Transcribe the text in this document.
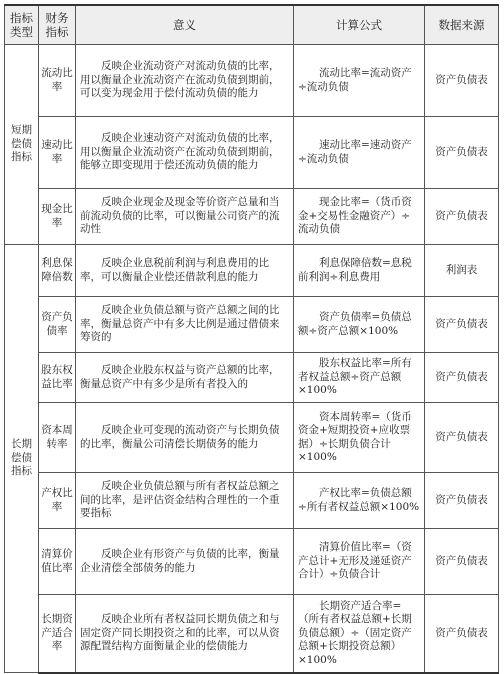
指标类型	财务指标	意义	计算公式	数据来源
短期偿债指标	流动比率	反映企业流动资产对流动负债的比率，用以衡量企业流动资产在流动负债到期前，可以变为现金用于偿付流动负债的能力	流动比率=流动资产÷流动负债	资产负债表
	速动比率	反映企业速动资产对流动负债的比率，用以衡量企业流动资产在流动负债到期前，能够立即变现用于偿还流动负债的能力	速动比率=速动资产÷流动负债	资产负债表
	现金比率	反映企业现金及现金等价资产总量和当前流动负债的比率，可以衡量公司资产的流动性	现金比率=（货币资金+交易性金融资产）÷流动负债	资产负债表
长期偿债指标	利息保障倍数	反映企业息税前利润与利息费用的比率，可以衡量企业偿还借款利息的能力	利息保障倍数=息税前利润÷利息费用	利润表
	资产负债率	反映企业负债总额与资产总额之间的比率，衡量总资产中有多大比例是通过借债来筹资的	资产负债率=负债总额÷资产总额×100%	资产负债表
	股东权益比率	反映企业股东权益与资产总额的比率，衡量总资产中有多少是所有者投入的	股东权益比率=所有者权益总额÷资产总额×100%	资产负债表
	资本周转率	反映企业可变现的流动资产与长期负债的比率，衡量公司清偿长期债务的能力	资本周转率=（货币资金+短期投资+应收票据）÷长期负债合计×100%	资产负债表
	产权比率	反映企业负债总额与所有者权益总额之间的比率，是评估资金结构合理性的一个重要指标	产权比率=负债总额÷所有者权益总额×100%	资产负债表
	清算价值比率	反映企业有形资产与负债的比率，衡量企业清偿全部债务的能力	清算价值比率=（资产总计+无形及递延资产合计）÷负债合计	资产负债表
	长期资产适合率	反映企业所有者权益同长期负债之和与固定资产同长期投资之和的比率，可以从资源配置结构方面衡量企业的偿债能力	长期资产适合率=（所有者权益总额+长期负债总额）÷（固定资产总额+长期投资总额）×100%	资产负债表
